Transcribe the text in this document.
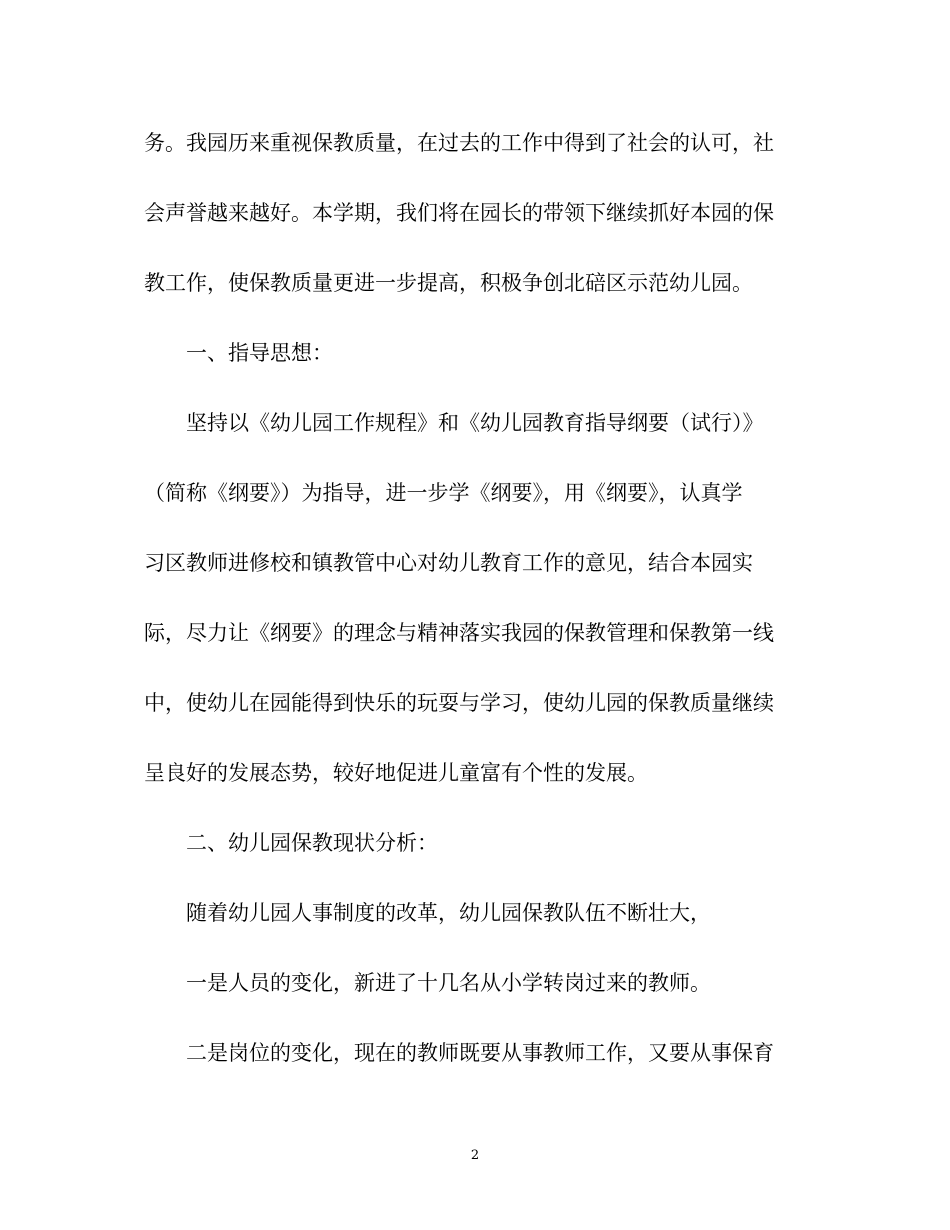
务。我园历来重视保教质量，在过去的工作中得到了社会的认可，社
会声誉越来越好。本学期，我们将在园长的带领下继续抓好本园的保
教工作，使保教质量更进一步提高，积极争创北碚区示范幼儿园。
一、指导思想：
坚持以《幼儿园工作规程》和《幼儿园教育指导纲要（试行）》
（简称《纲要》）为指导，进一步学《纲要》，用《纲要》，认真学
习区教师进修校和镇教管中心对幼儿教育工作的意见，结合本园实
际，尽力让《纲要》的理念与精神落实我园的保教管理和保教第一线
中，使幼儿在园能得到快乐的玩耍与学习，使幼儿园的保教质量继续
呈良好的发展态势，较好地促进儿童富有个性的发展。
二、幼儿园保教现状分析：
随着幼儿园人事制度的改革，幼儿园保教队伍不断壮大，
一是人员的变化，新进了十几名从小学转岗过来的教师。
二是岗位的变化，现在的教师既要从事教师工作，又要从事保育
2
